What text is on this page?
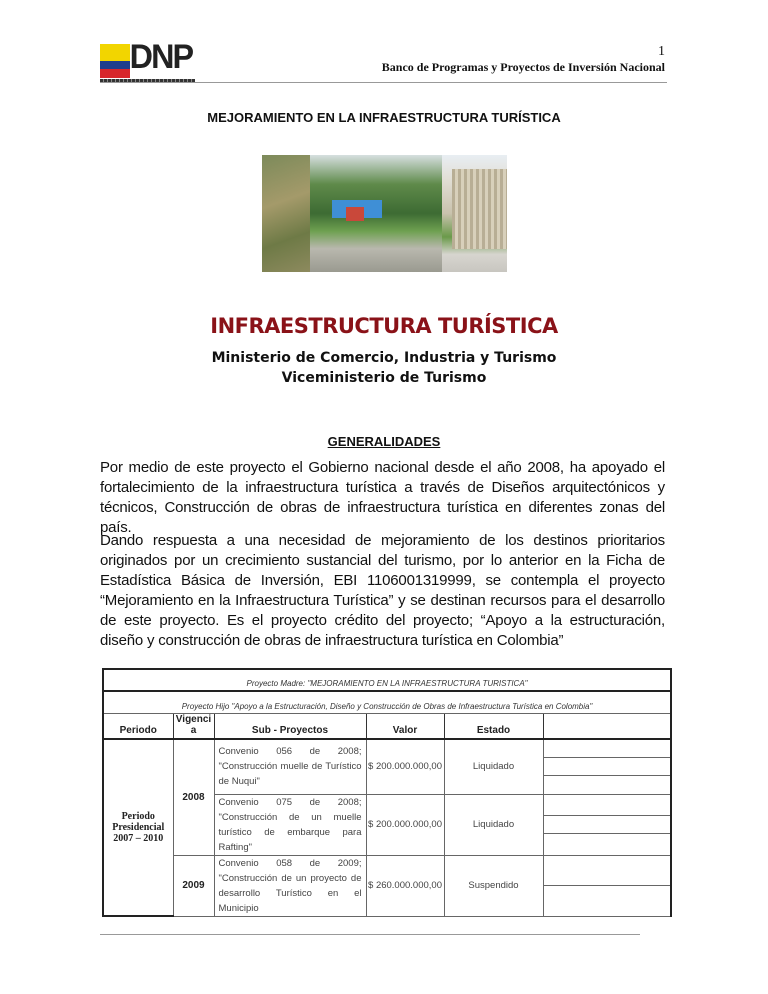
DNP	1
Banco de Programas y Proyectos de Inversión Nacional
MEJORAMIENTO EN LA INFRAESTRUCTURA TURÍSTICA
INFRAESTRUCTURA TURÍSTICA
Ministerio de Comercio, Industria y Turismo
Viceministerio de Turismo
GENERALIDADES

Por medio de este proyecto el Gobierno nacional desde el año 2008, ha apoyado el fortalecimiento de la infraestructura turística a través de Diseños arquitectónicos y técnicos, Construcción de obras de infraestructura turística en diferentes zonas del país.

Dando respuesta a una necesidad de mejoramiento de los destinos prioritarios originados por un crecimiento sustancial del turismo, por lo anterior en la Ficha de Estadística Básica de Inversión, EBI 1106001319999, se contempla el proyecto “Mejoramiento en la Infraestructura Turística” y se destinan recursos para el desarrollo de este proyecto. Es el proyecto crédito del proyecto; “Apoyo a la estructuración, diseño y construcción de obras de infraestructura turística en Colombia”

Proyecto Madre: "MEJORAMIENTO EN LA INFRAESTRUCTURA TURISTICA"
Proyecto Hijo "Apoyo a la Estructuración, Diseño y Construcción de Obras de Infraestructura Turística en Colombia"
Periodo	Vigenci a	Sub - Proyectos	Valor	Estado	
Periodo Presidencial 2007 – 2010	2008	Convenio 056 de 2008; "Construcción muelle de Turístico de Nuqui"	$ 200.000.000,00	Liquidado	

Convenio 075 de 2008; "Construcción de un muelle turístico de embarque para Rafting"	$ 200.000.000,00	Liquidado	

2009	Convenio 058 de 2009; "Construcción de un proyecto de desarrollo Turístico en el Municipio	$ 260.000.000,00	Suspendido	
